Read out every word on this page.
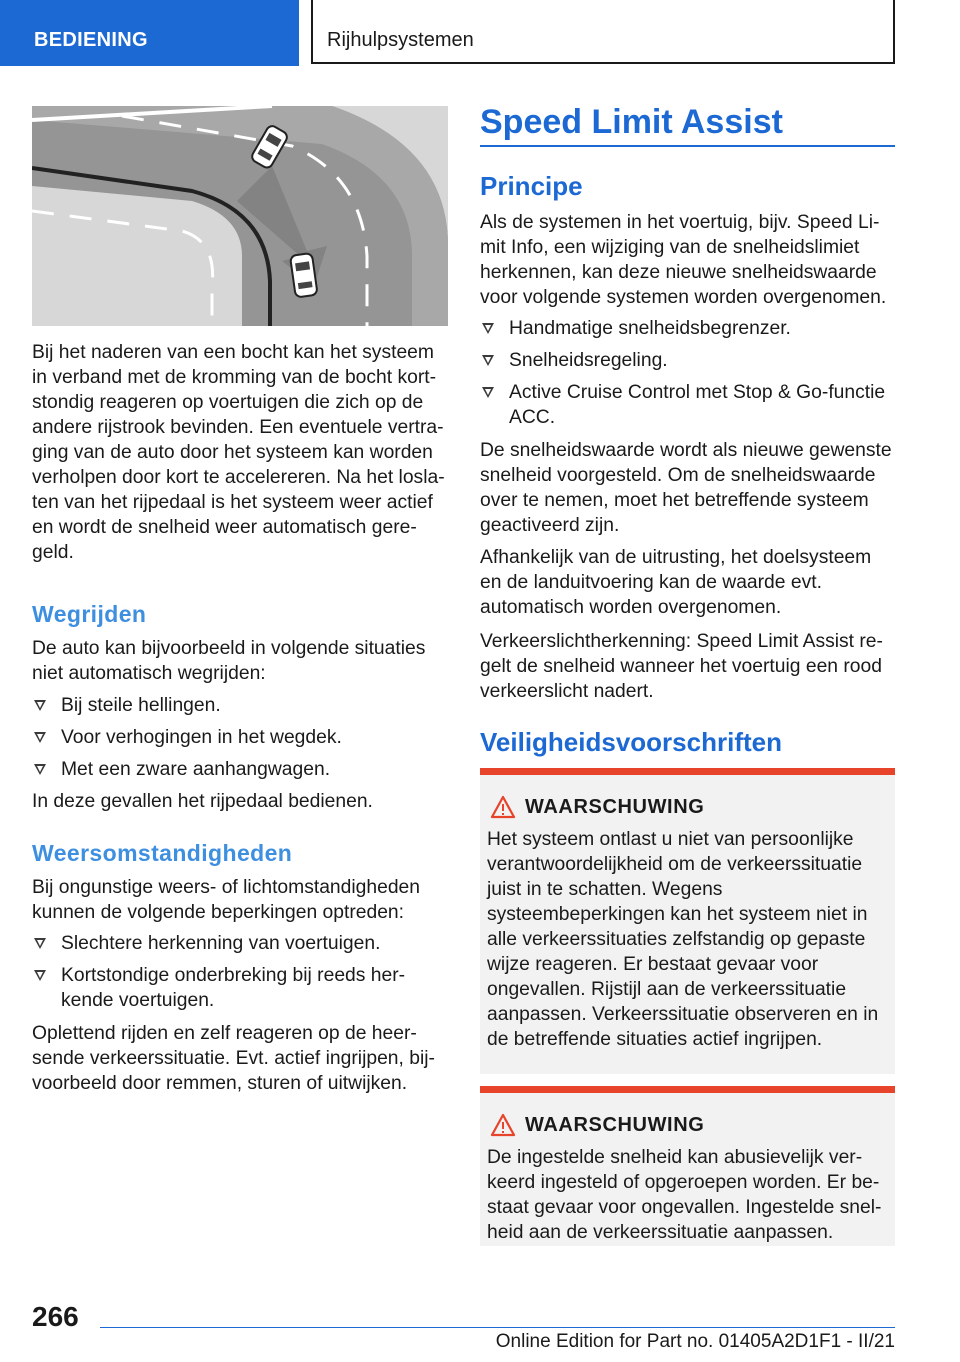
BEDIENING	Rijhulpsystemen

Bij het naderen van een bocht kan het systeem in verband met de kromming van de bocht kortstondig reageren op voertuigen die zich op de andere rijstrook bevinden. Een eventuele vertraging van de auto door het systeem kan worden verholpen door kort te accelereren. Na het loslaten van het rijpedaal is het systeem weer actief en wordt de snelheid weer automatisch geregeld.

Wegrijden

De auto kan bijvoorbeeld in volgende situaties niet automatisch wegrijden:

Bij steile hellingen.
Voor verhogingen in het wegdek.
Met een zware aanhangwagen.

In deze gevallen het rijpedaal bedienen.

Weersomstandigheden

Bij ongunstige weers- of lichtomstandigheden kunnen de volgende beperkingen optreden:

Slechtere herkenning van voertuigen.
Kortstondige onderbreking bij reeds herkende voertuigen.

Oplettend rijden en zelf reageren op de heersende verkeerssituatie. Evt. actief ingrijpen, bijvoorbeeld door remmen, sturen of uitwijken.

Speed Limit Assist
Principe

Als de systemen in het voertuig, bijv. Speed Limit Info, een wijziging van de snelheidslimiet herkennen, kan deze nieuwe snelheidswaarde voor volgende systemen worden overgenomen.

Handmatige snelheidsbegrenzer.
Snelheidsregeling.
Active Cruise Control met Stop & Go-functie ACC.

De snelheidswaarde wordt als nieuwe gewenste snelheid voorgesteld. Om de snelheidswaarde over te nemen, moet het betreffende systeem geactiveerd zijn.

Afhankelijk van de uitrusting, het doelsysteem en de landuitvoering kan de waarde evt. automatisch worden overgenomen.

Verkeerslichtherkenning: Speed Limit Assist regelt de snelheid wanneer het voertuig een rood verkeerslicht nadert.

Veiligheidsvoorschriften
WAARSCHUWING

Het systeem ontlast u niet van persoonlijke verantwoordelijkheid om de verkeerssituatie juist in te schatten. Wegens systeembeperkingen kan het systeem niet in alle verkeerssituaties zelfstandig op gepaste wijze reageren. Er bestaat gevaar voor ongevallen. Rijstijl aan de verkeerssituatie aanpassen. Verkeerssituatie observeren en in de betreffende situaties actief ingrijpen.

WAARSCHUWING

De ingestelde snelheid kan abusievelijk verkeerd ingesteld of opgeroepen worden. Er bestaat gevaar voor ongevallen. Ingestelde snelheid aan de verkeerssituatie aanpassen.

266
Online Edition for Part no. 01405A2D1F1 - II/21
